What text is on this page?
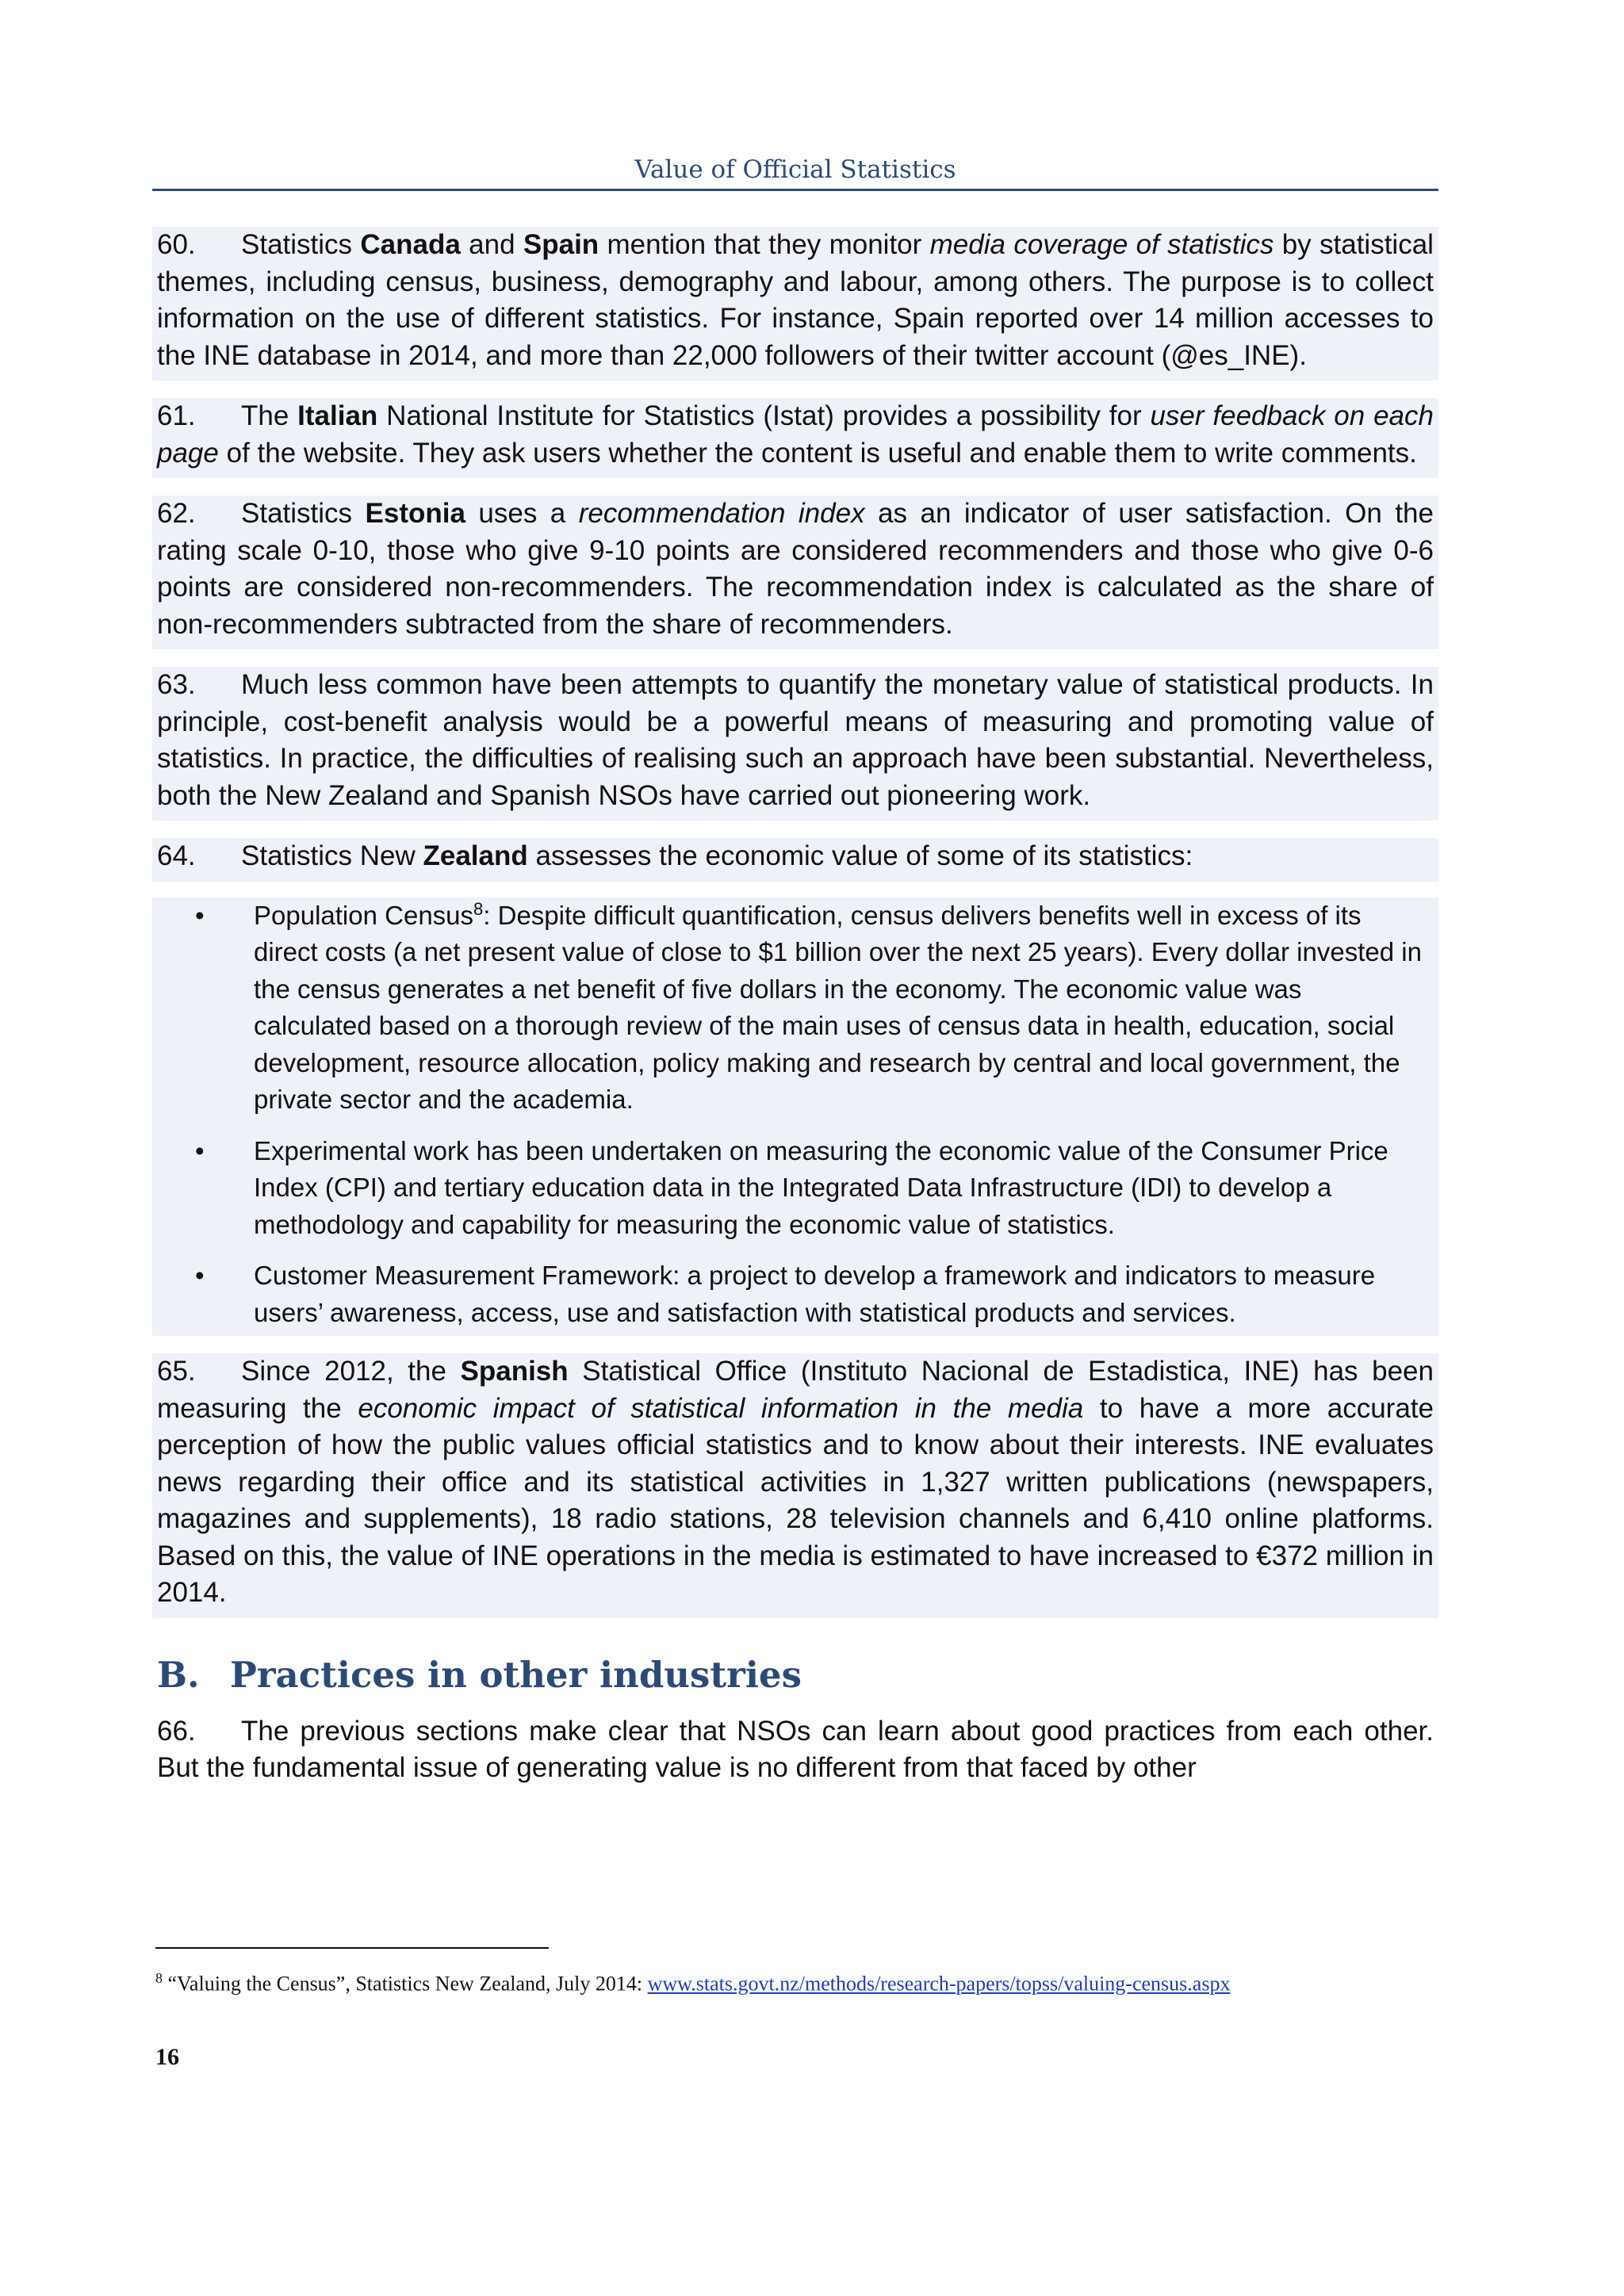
Value of Official Statistics
60. Statistics Canada and Spain mention that they monitor media coverage of statistics by statistical themes, including census, business, demography and labour, among others. The purpose is to collect information on the use of different statistics. For instance, Spain reported over 14 million accesses to the INE database in 2014, and more than 22,000 followers of their twitter account (@es_INE).
61. The Italian National Institute for Statistics (Istat) provides a possibility for user feedback on each page of the website. They ask users whether the content is useful and enable them to write comments.
62. Statistics Estonia uses a recommendation index as an indicator of user satisfaction. On the rating scale 0-10, those who give 9-10 points are considered recommenders and those who give 0-6 points are considered non-recommenders. The recommendation index is calculated as the share of non-recommenders subtracted from the share of recommenders.
63. Much less common have been attempts to quantify the monetary value of statistical products. In principle, cost-benefit analysis would be a powerful means of measuring and promoting value of statistics. In practice, the difficulties of realising such an approach have been substantial. Nevertheless, both the New Zealand and Spanish NSOs have carried out pioneering work.
64. Statistics New Zealand assesses the economic value of some of its statistics:
• Population Census$^8$: Despite difficult quantification, census delivers benefits well in excess of its direct costs (a net present value of close to $1 billion over the next 25 years). Every dollar invested in the census generates a net benefit of five dollars in the economy. The economic value was calculated based on a thorough review of the main uses of census data in health, education, social development, resource allocation, policy making and research by central and local government, the private sector and the academia.
• Experimental work has been undertaken on measuring the economic value of the Consumer Price Index (CPI) and tertiary education data in the Integrated Data Infrastructure (IDI) to develop a methodology and capability for measuring the economic value of statistics.
• Customer Measurement Framework: a project to develop a framework and indicators to measure users’ awareness, access, use and satisfaction with statistical products and services.
65. Since 2012, the Spanish Statistical Office (Instituto Nacional de Estadistica, INE) has been measuring the economic impact of statistical information in the media to have a more accurate perception of how the public values official statistics and to know about their interests. INE evaluates news regarding their office and its statistical activities in 1,327 written publications (newspapers, magazines and supplements), 18 radio stations, 28 television channels and 6,410 online platforms. Based on this, the value of INE operations in the media is estimated to have increased to €372 million in 2014.
B. Practices in other industries
66. The previous sections make clear that NSOs can learn about good practices from each other. But the fundamental issue of generating value is no different from that faced by other
$^8$ “Valuing the Census”, Statistics New Zealand, July 2014: www.stats.govt.nz/methods/research-papers/topss/valuing-census.aspx
16
